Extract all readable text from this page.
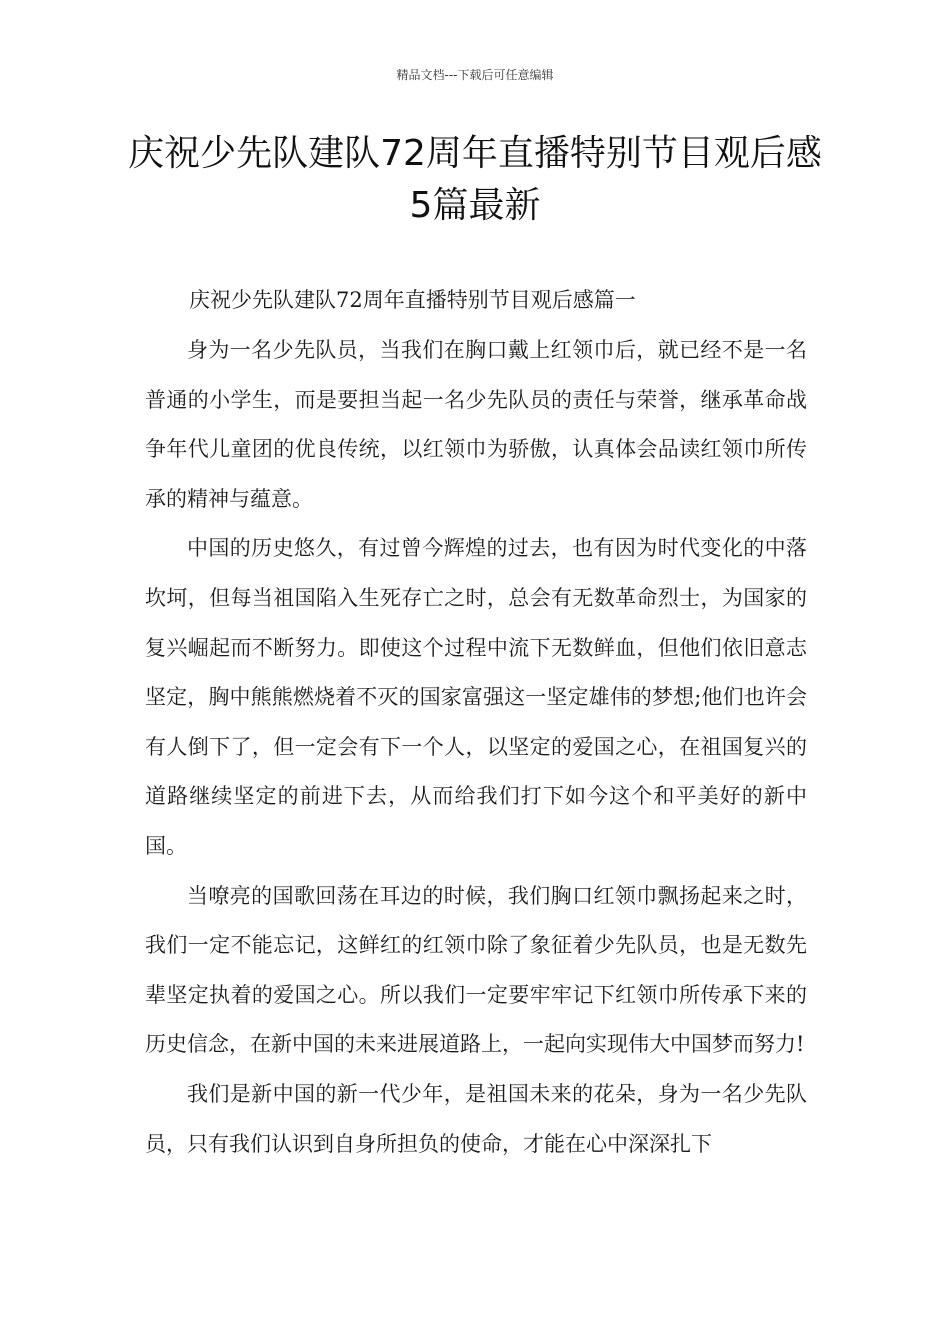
精品文档---下载后可任意编辑
庆祝少先队建队72周年直播特别节目观后感5篇最新

庆祝少先队建队72周年直播特别节目观后感篇一

身为一名少先队员，当我们在胸口戴上红领巾后，就已经不是一名普通的小学生，而是要担当起一名少先队员的责任与荣誉，继承革命战争年代儿童团的优良传统，以红领巾为骄傲，认真体会品读红领巾所传承的精神与蕴意。

中国的历史悠久，有过曾今辉煌的过去，也有因为时代变化的中落坎坷，但每当祖国陷入生死存亡之时，总会有无数革命烈士，为国家的复兴崛起而不断努力。即使这个过程中流下无数鲜血，但他们依旧意志坚定，胸中熊熊燃烧着不灭的国家富强这一坚定雄伟的梦想;他们也许会有人倒下了，但一定会有下一个人，以坚定的爱国之心，在祖国复兴的道路继续坚定的前进下去，从而给我们打下如今这个和平美好的新中国。

当嘹亮的国歌回荡在耳边的时候，我们胸口红领巾飘扬起来之时，我们一定不能忘记，这鲜红的红领巾除了象征着少先队员，也是无数先辈坚定执着的爱国之心。所以我们一定要牢牢记下红领巾所传承下来的历史信念，在新中国的未来进展道路上，一起向实现伟大中国梦而努力!

我们是新中国的新一代少年，是祖国未来的花朵，身为一名少先队员，只有我们认识到自身所担负的使命，才能在心中深深扎下
